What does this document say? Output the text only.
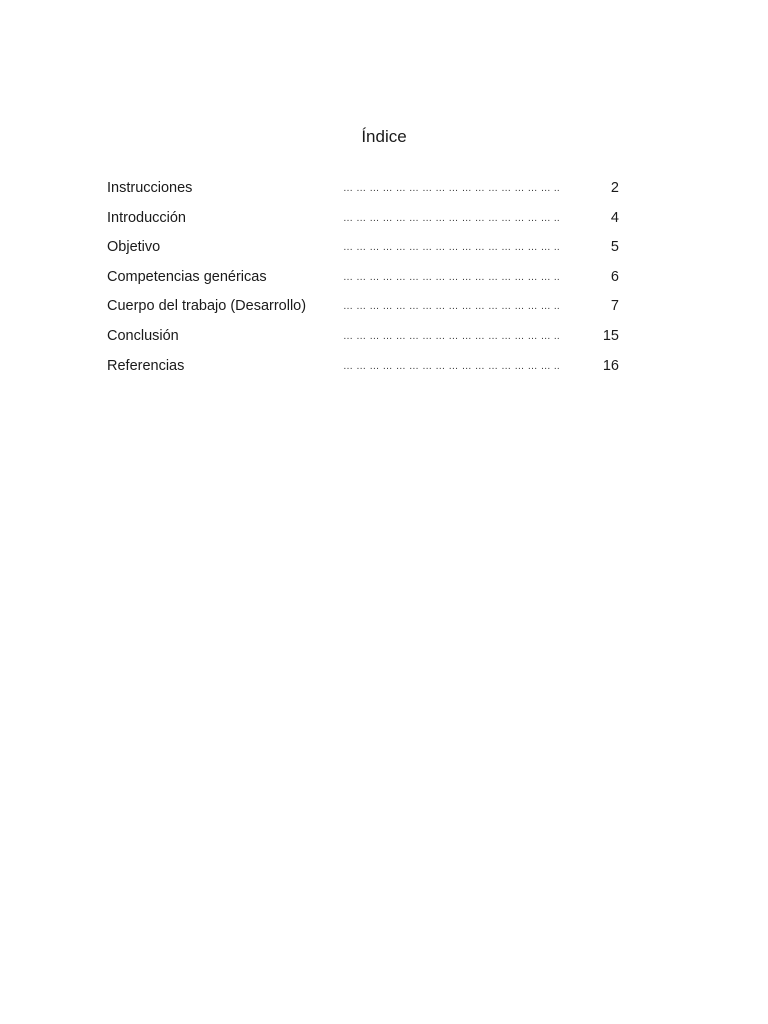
Índice
Instrucciones	… … … … … … … … … … … … … … … … ..	2
Introducción	… … … … … … … … … … … … … … … … ..	4
Objetivo	… … … … … … … … … … … … … … … … ..	5
Competencias genéricas	… … … … … … … … … … … … … … … … ..	6
Cuerpo del trabajo (Desarrollo)	… … … … … … … … … … … … … … … … ..	7
Conclusión	… … … … … … … … … … … … … … … … ..	15
Referencias	… … … … … … … … … … … … … … … … ..	16
